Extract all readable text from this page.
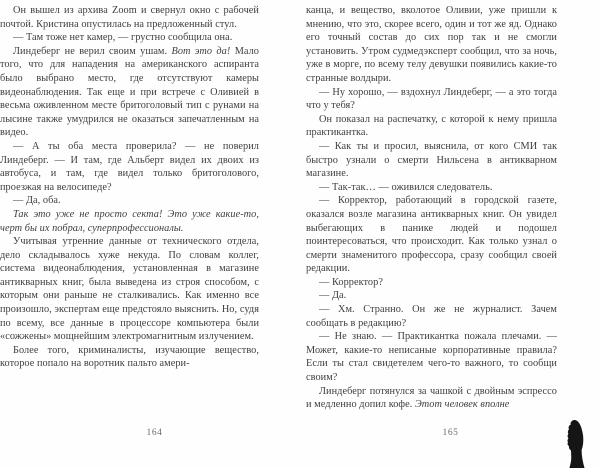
Он вышел из архива Zoom и свернул окно с рабочей почтой. Кристина опустилась на предложенный стул.

— Там тоже нет камер, — грустно сообщила она.

Линдеберг не верил своим ушам. Вот это да! Мало того, что для нападения на американского аспиранта было выбрано место, где отсутствуют камеры видеонаблюдения. Так еще и при встрече с Оливией в весьма оживленном месте бритоголовый тип с рунами на лысине также умудрился не оказаться запечатленным на видео.

— А ты оба места проверила? — не поверил Линдеберг. — И там, где Альберт видел их двоих из автобуса, и там, где видел только бритоголового, проезжая на велосипеде?

— Да, оба.

Так это уже не просто секта! Это уже какие-то, черт бы их побрал, суперпрофессионалы.

Учитывая утренние данные от технического отдела, дело складывалось хуже некуда. По словам коллег, система видеонаблюдения, установленная в магазине антикварных книг, была выведена из строя способом, с которым они раньше не сталкивались. Как именно все произошло, экспертам еще предстояло выяснить. Но, судя по всему, все данные в процессоре компьютера были «сожжены» мощнейшим электромагнитным излучением.

Более того, криминалисты, изучающие вещество, которое попало на воротник пальто амери-

канца, и вещество, вколотое Оливии, уже пришли к мнению, что это, скорее всего, один и тот же яд. Однако его точный состав до сих пор так и не смогли установить. Утром судмедэксперт сообщил, что за ночь, уже в морге, по всему телу девушки появились какие-то странные волдыри.

— Ну хорошо, — вздохнул Линдеберг, — а это тогда что у тебя?

Он показал на распечатку, с которой к нему пришла практикантка.

— Как ты и просил, выяснила, от кого СМИ так быстро узнали о смерти Нильсена в антикварном магазине.

— Так-так… — оживился следователь.

— Корректор, работающий в городской газете, оказался возле магазина антикварных книг. Он увидел выбегающих в панике людей и подошел поинтересоваться, что происходит. Как только узнал о смерти знаменитого профессора, сразу сообщил своей редакции.

— Корректор?

— Да.

— Хм. Странно. Он же не журналист. Зачем сообщать в редакцию?

— Не знаю. — Практикантка пожала плечами. — Может, какие-то неписаные корпоративные правила? Если ты стал свидетелем чего-то важного, то сообщи своим?

Линдеберг потянулся за чашкой с двойным эспрессо и медленно допил кофе. Этот человек вполне

164	165
